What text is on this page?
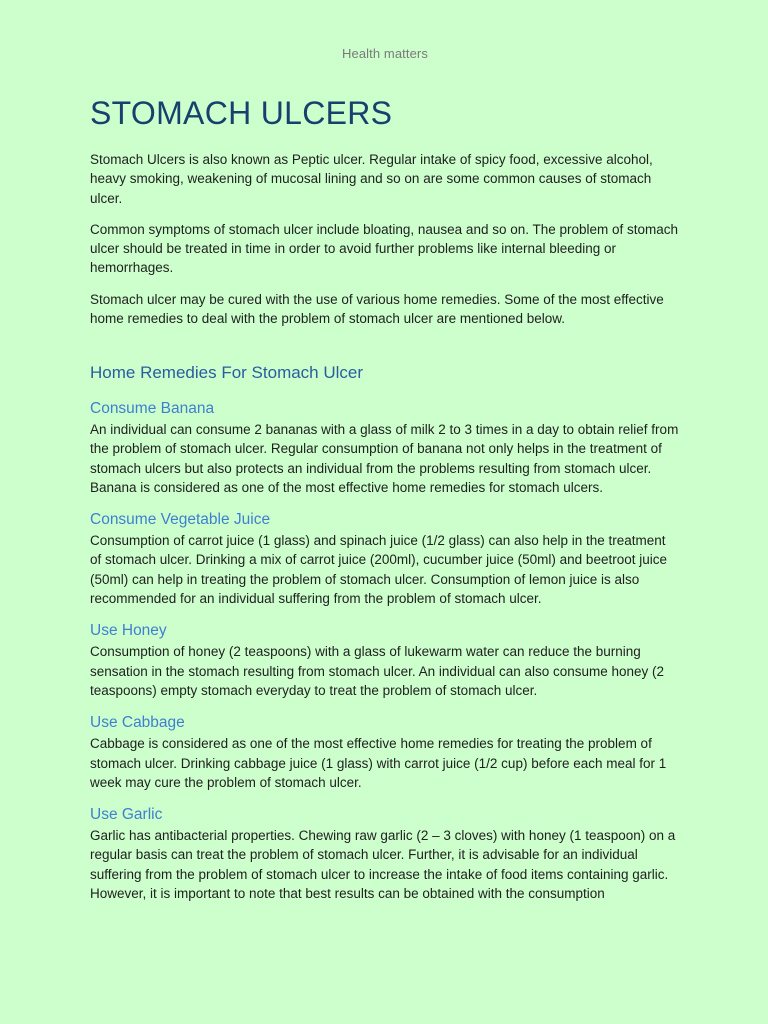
Health matters
STOMACH ULCERS

Stomach Ulcers is also known as Peptic ulcer. Regular intake of spicy food, excessive alcohol, heavy smoking, weakening of mucosal lining and so on are some common causes of stomach ulcer.

Common symptoms of stomach ulcer include bloating, nausea and so on. The problem of stomach ulcer should be treated in time in order to avoid further problems like internal bleeding or hemorrhages.

Stomach ulcer may be cured with the use of various home remedies. Some of the most effective home remedies to deal with the problem of stomach ulcer are mentioned below.

Home Remedies For Stomach Ulcer
Consume Banana

An individual can consume 2 bananas with a glass of milk 2 to 3 times in a day to obtain relief from the problem of stomach ulcer. Regular consumption of banana not only helps in the treatment of stomach ulcers but also protects an individual from the problems resulting from stomach ulcer. Banana is considered as one of the most effective home remedies for stomach ulcers.

Consume Vegetable Juice

Consumption of carrot juice (1 glass) and spinach juice (1/2 glass) can also help in the treatment of stomach ulcer. Drinking a mix of carrot juice (200ml), cucumber juice (50ml) and beetroot juice (50ml) can help in treating the problem of stomach ulcer. Consumption of lemon juice is also recommended for an individual suffering from the problem of stomach ulcer.

Use Honey

Consumption of honey (2 teaspoons) with a glass of lukewarm water can reduce the burning sensation in the stomach resulting from stomach ulcer. An individual can also consume honey (2 teaspoons) empty stomach everyday to treat the problem of stomach ulcer.

Use Cabbage

Cabbage is considered as one of the most effective home remedies for treating the problem of stomach ulcer. Drinking cabbage juice (1 glass) with carrot juice (1/2 cup) before each meal for 1 week may cure the problem of stomach ulcer.

Use Garlic

Garlic has antibacterial properties. Chewing raw garlic (2 – 3 cloves) with honey (1 teaspoon) on a regular basis can treat the problem of stomach ulcer. Further, it is advisable for an individual suffering from the problem of stomach ulcer to increase the intake of food items containing garlic. However, it is important to note that best results can be obtained with the consumption
